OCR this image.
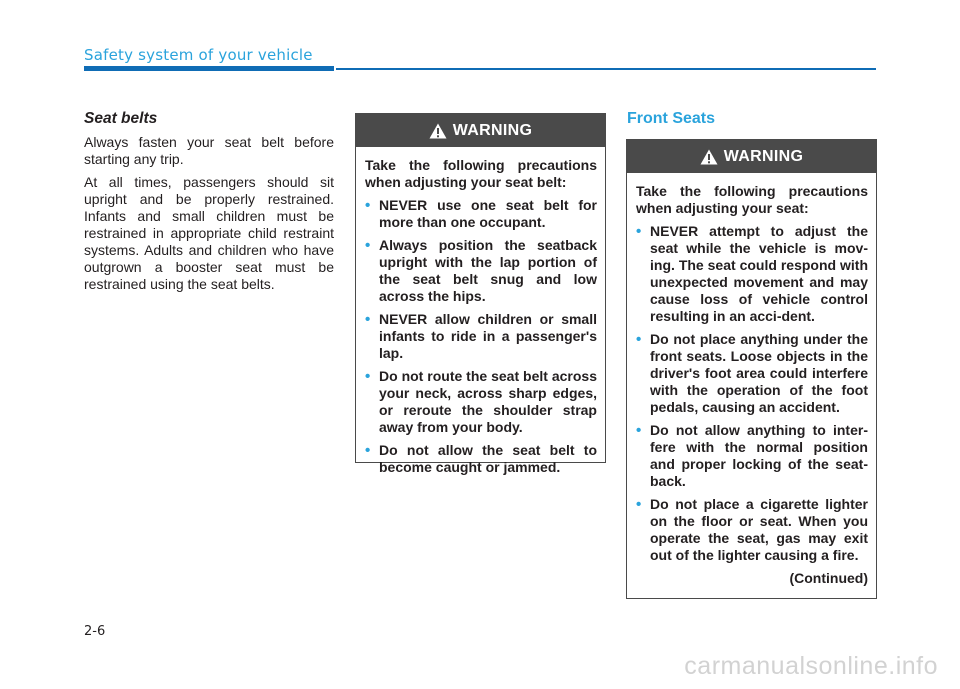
Safety system of your vehicle

Seat belts

Always fasten your seat belt before starting any trip.

At all times, passengers should sit upright and be properly restrained. Infants and small children must be restrained in appropriate child restraint systems. Adults and children who have outgrown a booster seat must be restrained using the seat belts.

WARNING

Take the following precautions when adjusting your seat belt:

• NEVER use one seat belt for more than one occupant.
• Always position the seatback upright with the lap portion of the seat belt snug and low across the hips.
• NEVER allow children or small infants to ride in a passenger's lap.
• Do not route the seat belt across your neck, across sharp edges, or reroute the shoulder strap away from your body.
• Do not allow the seat belt to become caught or jammed.
Front Seats
WARNING

Take the following precautions when adjusting your seat:

• NEVER attempt to adjust the seat while the vehicle is mov-ing. The seat could respond with unexpected movement and may cause loss of vehicle control resulting in an acci-dent.
• Do not place anything under the front seats. Loose objects in the driver's foot area could interfere with the operation of the foot pedals, causing an accident.
• Do not allow anything to inter-fere with the normal position and proper locking of the seat-back.
• Do not place a cigarette lighter on the floor or seat. When you operate the seat, gas may exit out of the lighter causing a fire.

(Continued)

2-6
carmanualsonline.info
